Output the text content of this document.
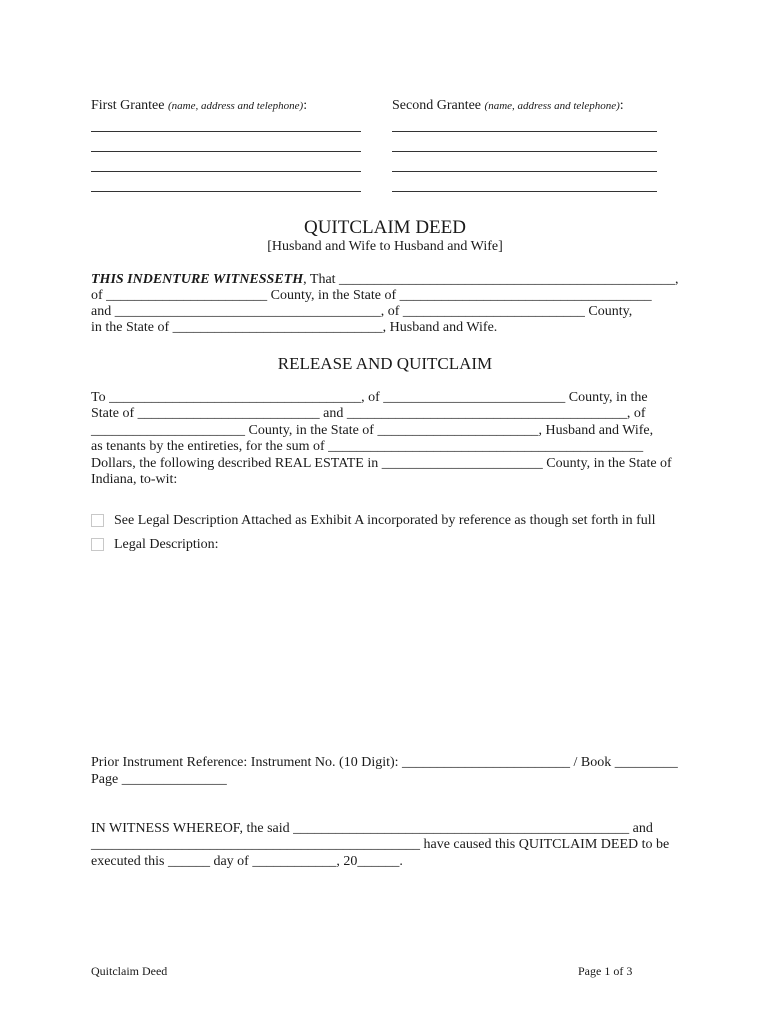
First Grantee (name, address and telephone):	Second Grantee (name, address and telephone):
QUITCLAIM DEED
[Husband and Wife to Husband and Wife]
THIS INDENTURE WITNESSETH, That ________________________________________________,
of _______________________ County, in the State of ____________________________________
and ______________________________________, of __________________________ County,
in the State of ______________________________, Husband and Wife.
RELEASE AND QUITCLAIM
To ____________________________________, of __________________________ County, in the
State of __________________________ and ________________________________________, of
______________________ County, in the State of _______________________, Husband and Wife,
as tenants by the entireties, for the sum of _____________________________________________
Dollars, the following described REAL ESTATE in _______________________ County, in the State of
Indiana, to-wit:
See Legal Description Attached as Exhibit A incorporated by reference as though set forth in full
Legal Description:
Prior Instrument Reference: Instrument No. (10 Digit): ________________________ / Book _________
Page _______________
IN WITNESS WHEREOF, the said ________________________________________________ and
_______________________________________________ have caused this QUITCLAIM DEED to be
executed this ______ day of ____________, 20______.
Quitclaim Deed	Page 1 of 3
